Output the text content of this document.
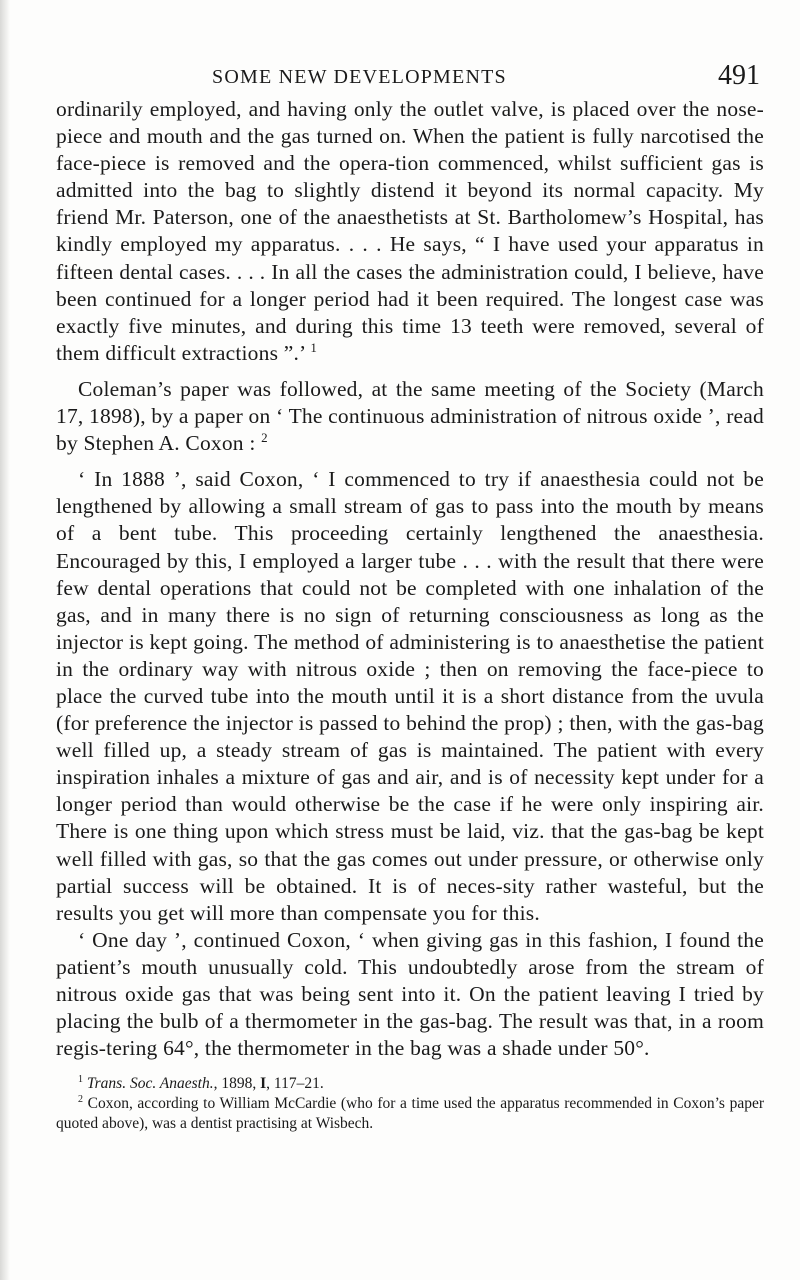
SOME NEW DEVELOPMENTS	491

ordinarily employed, and having only the outlet valve, is placed over the nose-piece and mouth and the gas turned on. When the patient is fully narcotised the face-piece is removed and the opera-tion commenced, whilst sufficient gas is admitted into the bag to slightly distend it beyond its normal capacity. My friend Mr. Paterson, one of the anaesthetists at St. Bartholomew’s Hospital, has kindly employed my apparatus. . . . He says, “ I have used your apparatus in fifteen dental cases. . . . In all the cases the administration could, I believe, have been continued for a longer period had it been required. The longest case was exactly five minutes, and during this time 13 teeth were removed, several of them difficult extractions ”.’ $^1$

Coleman’s paper was followed, at the same meeting of the Society (March 17, 1898), by a paper on ‘ The continuous administration of nitrous oxide ’, read by Stephen A. Coxon : $^2$

‘ In 1888 ’, said Coxon, ‘ I commenced to try if anaesthesia could not be lengthened by allowing a small stream of gas to pass into the mouth by means of a bent tube. This proceeding certainly lengthened the anaesthesia. Encouraged by this, I employed a larger tube . . . with the result that there were few dental operations that could not be completed with one inhalation of the gas, and in many there is no sign of returning consciousness as long as the injector is kept going. The method of administering is to anaesthetise the patient in the ordinary way with nitrous oxide ; then on removing the face-piece to place the curved tube into the mouth until it is a short distance from the uvula (for preference the injector is passed to behind the prop) ; then, with the gas-bag well filled up, a steady stream of gas is maintained. The patient with every inspiration inhales a mixture of gas and air, and is of necessity kept under for a longer period than would otherwise be the case if he were only inspiring air. There is one thing upon which stress must be laid, viz. that the gas-bag be kept well filled with gas, so that the gas comes out under pressure, or otherwise only partial success will be obtained. It is of neces-sity rather wasteful, but the results you get will more than compensate you for this.

‘ One day ’, continued Coxon, ‘ when giving gas in this fashion, I found the patient’s mouth unusually cold. This undoubtedly arose from the stream of nitrous oxide gas that was being sent into it. On the patient leaving I tried by placing the bulb of a thermometer in the gas-bag. The result was that, in a room regis-tering 64°, the thermometer in the bag was a shade under 50°.

$^1$ Trans. Soc. Anaesth., 1898, I, 117–21.

$^2$ Coxon, according to William McCardie (who for a time used the apparatus recommended in Coxon’s paper quoted above), was a dentist practising at Wisbech.
